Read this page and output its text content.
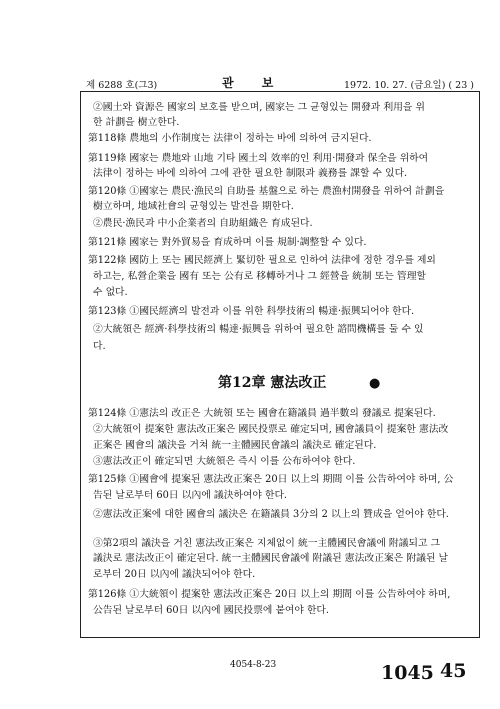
제 6288 호(그3)	관 보	1972. 10. 27. (금요일) ( 23 )
②國土와 資源은 國家의 보호를 받으며, 國家는 그 균형있는 開發과 利用을 위
한 計劃을 樹立한다.
第118條 農地의 小作制度는 法律이 정하는 바에 의하여 금지된다.
第119條 國家는 農地와 山地 기타 國土의 效率的인 利用·開發과 保全을 위하여
法律이 정하는 바에 의하여 그에 관한 필요한 制限과 義務를 課할 수 있다.
第120條 ①國家는 農民·漁民의 自助를 基盤으로 하는 農漁村開發을 위하여 計劃을
樹立하며, 地域社會의 균형있는 발전을 期한다.
②農民·漁民과 中小企業者의 自助組織은 育成된다.
第121條 國家는 對外貿易을 育成하며 이를 規制·調整할 수 있다.
第122條 國防上 또는 國民經濟上 緊切한 필요로 인하여 法律에 정한 경우를 제외
하고는, 私營企業을 國有 또는 公有로 移轉하거나 그 經營을 統制 또는 管理할
수 없다.
第123條 ①國民經濟의 발전과 이를 위한 科學技術의 暢達·振興되어야 한다.
②大統領은 經濟·科學技術의 暢達·振興을 위하여 필요한 諮問機構를 둘 수 있
다.
第12章 憲法改正	●
第124條 ①憲法의 改正은 大統領 또는 國會在籍議員 過半數의 發議로 提案된다.
②大統領이 提案한 憲法改正案은 國民投票로 確定되며, 國會議員이 提案한 憲法改
正案은 國會의 議決을 거쳐 統一主體國民會議의 議決로 確定된다.
③憲法改正이 確定되면 大統領은 즉시 이를 公布하여야 한다.
第125條 ①國會에 提案된 憲法改正案은 20日 以上의 期間 이를 公告하여야 하며, 公
告된 날로부터 60日 以內에 議決하여야 한다.
②憲法改正案에 대한 國會의 議決은 在籍議員 3分의 2 以上의 贊成을 얻어야 한다.
③第2項의 議決을 거친 憲法改正案은 지체없이 統一主體國民會議에 附議되고 그
議決로 憲法改正이 確定된다. 統一主體國民會議에 附議된 憲法改正案은 附議된 날
로부터 20日 以內에 議決되어야 한다.
第126條 ①大統領이 提案한 憲法改正案은 20日 以上의 期間 이를 公告하여야 하며,
公告된 날로부터 60日 以內에 國民投票에 붙여야 한다.
4054-8-23	1045 45
